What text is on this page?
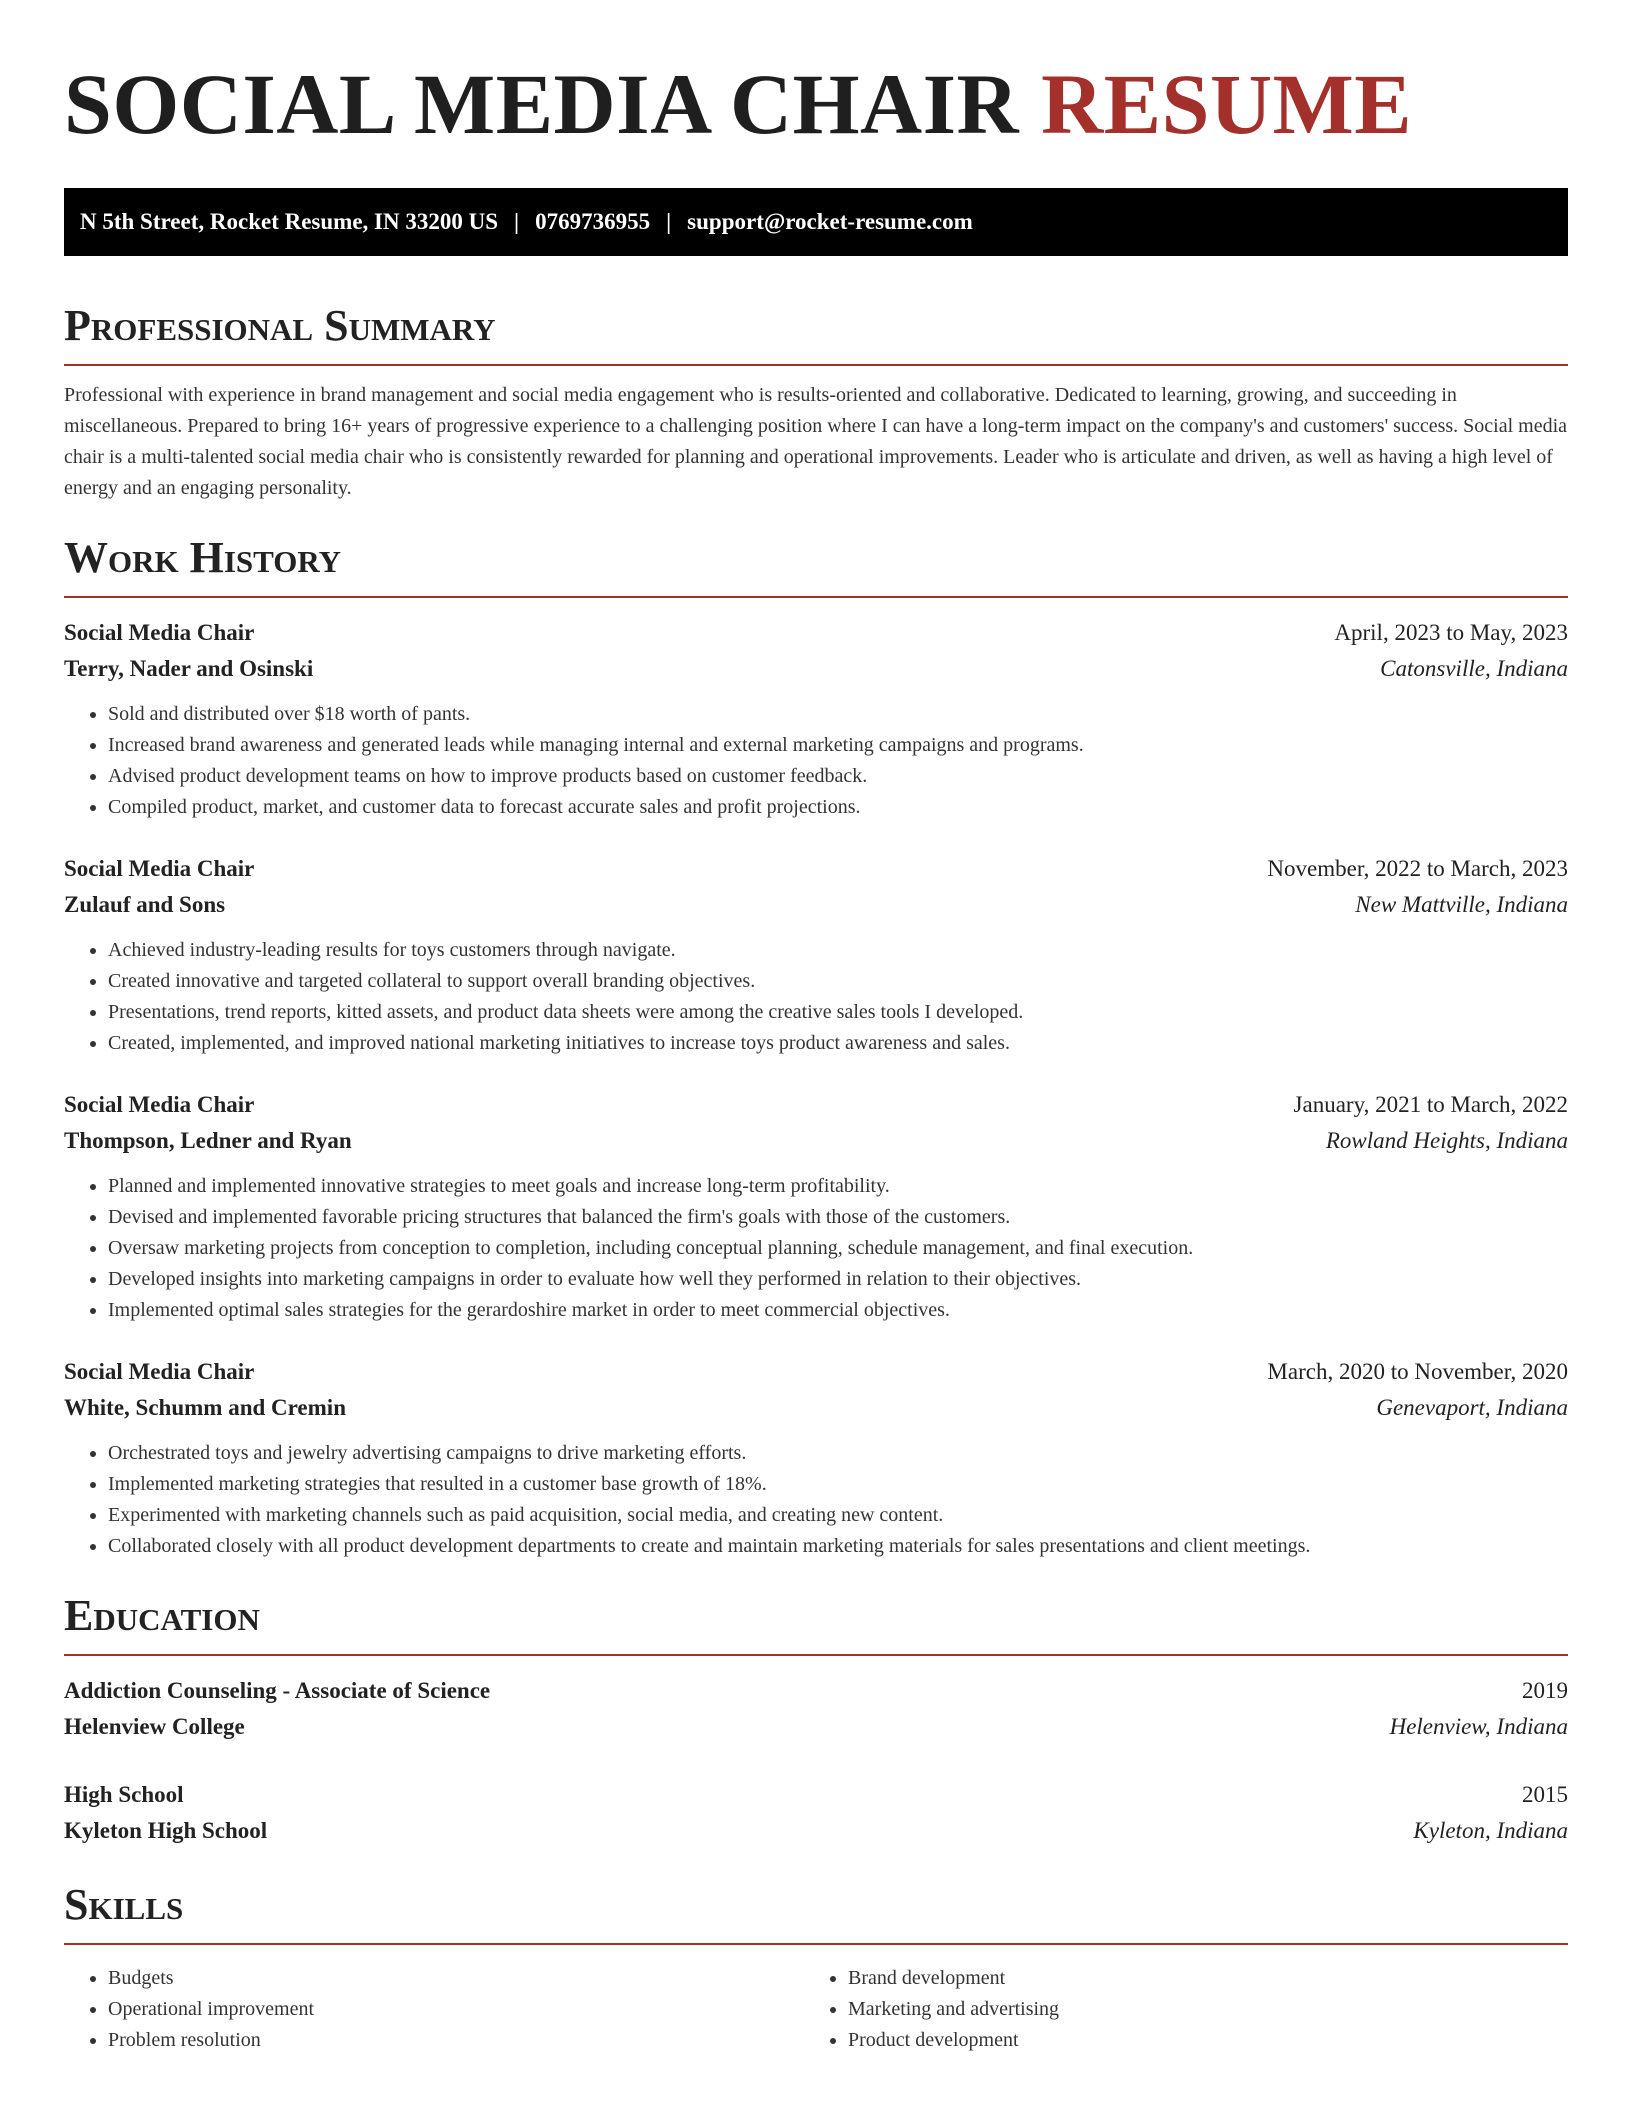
SOCIAL MEDIA CHAIR RESUME
N 5th Street, Rocket Resume, IN 33200 US | 0769736955 | support@rocket-resume.com
Professional Summary

Professional with experience in brand management and social media engagement who is results-oriented and collaborative. Dedicated to learning, growing, and succeeding in miscellaneous. Prepared to bring 16+ years of progressive experience to a challenging position where I can have a long-term impact on the company's and customers' success. Social media chair is a multi-talented social media chair who is consistently rewarded for planning and operational improvements. Leader who is articulate and driven, as well as having a high level of energy and an engaging personality.

Work History
Social Media Chair	April, 2023 to May, 2023
Terry, Nader and Osinski	Catonsville, Indiana
• Sold and distributed over $18 worth of pants.
• Increased brand awareness and generated leads while managing internal and external marketing campaigns and programs.
• Advised product development teams on how to improve products based on customer feedback.
• Compiled product, market, and customer data to forecast accurate sales and profit projections.
Social Media Chair	November, 2022 to March, 2023
Zulauf and Sons	New Mattville, Indiana
• Achieved industry-leading results for toys customers through navigate.
• Created innovative and targeted collateral to support overall branding objectives.
• Presentations, trend reports, kitted assets, and product data sheets were among the creative sales tools I developed.
• Created, implemented, and improved national marketing initiatives to increase toys product awareness and sales.
Social Media Chair	January, 2021 to March, 2022
Thompson, Ledner and Ryan	Rowland Heights, Indiana
• Planned and implemented innovative strategies to meet goals and increase long-term profitability.
• Devised and implemented favorable pricing structures that balanced the firm's goals with those of the customers.
• Oversaw marketing projects from conception to completion, including conceptual planning, schedule management, and final execution.
• Developed insights into marketing campaigns in order to evaluate how well they performed in relation to their objectives.
• Implemented optimal sales strategies for the gerardoshire market in order to meet commercial objectives.
Social Media Chair	March, 2020 to November, 2020
White, Schumm and Cremin	Genevaport, Indiana
• Orchestrated toys and jewelry advertising campaigns to drive marketing efforts.
• Implemented marketing strategies that resulted in a customer base growth of 18%.
• Experimented with marketing channels such as paid acquisition, social media, and creating new content.
• Collaborated closely with all product development departments to create and maintain marketing materials for sales presentations and client meetings.
Education
Addiction Counseling - Associate of Science	2019
Helenview College	Helenview, Indiana
High School	2015
Kyleton High School	Kyleton, Indiana
Skills
• Budgets
• Operational improvement
• Problem resolution
• Brand development
• Marketing and advertising
• Product development
